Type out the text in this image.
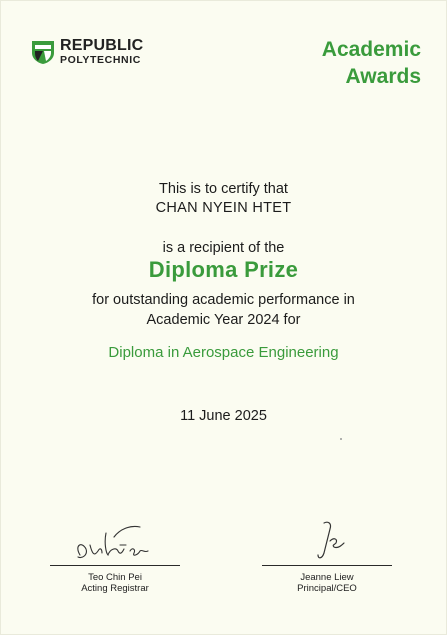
REPUBLIC
POLYTECHNIC	Academic
Awards
This is to certify that
CHAN NYEIN HTET
is a recipient of the
Diploma Prize
for outstanding academic performance in
Academic Year 2024 for
Diploma in Aerospace Engineering
11 June 2025
Teo Chin Pei
Acting Registrar
Jeanne Liew
Principal/CEO
